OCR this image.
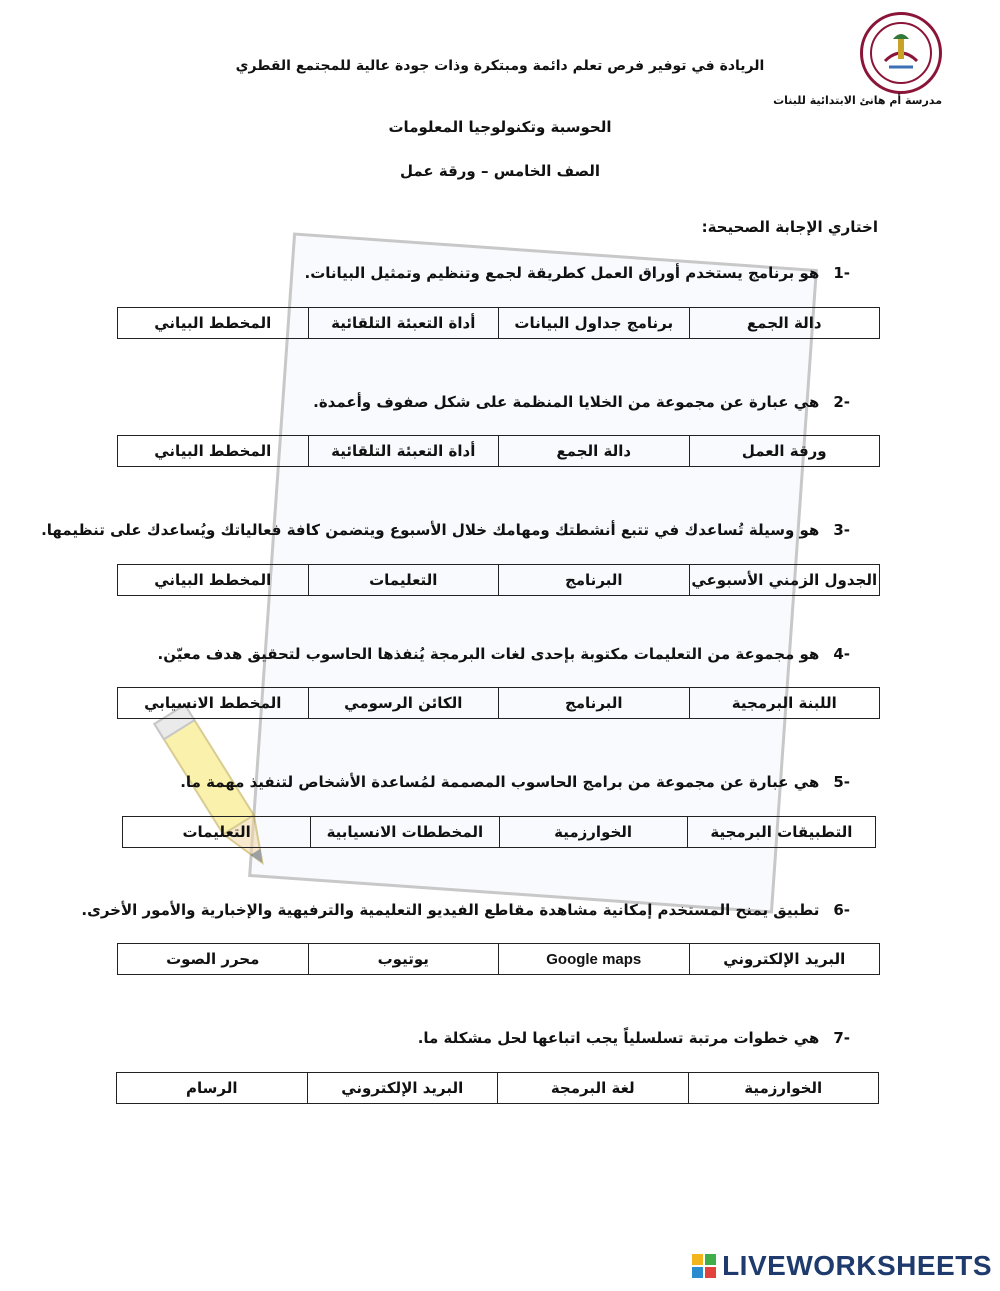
مدرسة أم هانئ الابتدائية للبنات
الريادة في توفير فرص تعلم دائمة ومبتكرة وذات جودة عالية للمجتمع القطري
الحوسبة وتكنولوجيا المعلومات
الصف الخامس – ورقة عمل
اختاري الإجابة الصحيحة:
-1هو برنامج يستخدم أوراق العمل كطريقة لجمع وتنظيم وتمثيل البيانات.
دالة الجمع	برنامج جداول البيانات	أداة التعبئة التلقائية	المخطط البياني
-2هي عبارة عن مجموعة من الخلايا المنظمة على شكل صفوف وأعمدة.
ورقة العمل	دالة الجمع	أداة التعبئة التلقائية	المخطط البياني
-3هو وسيلة تُساعدك في تتبع أنشطتك ومهامك خلال الأسبوع ويتضمن كافة فعالياتك ويُساعدك على تنظيمها.
الجدول الزمني الأسبوعي	البرنامج	التعليمات	المخطط البياني
-4هو مجموعة من التعليمات مكتوبة بإحدى لغات البرمجة يُنفذها الحاسوب لتحقيق هدف معيّن.
اللبنة البرمجية	البرنامج	الكائن الرسومي	المخطط الانسيابي
-5هي عبارة عن مجموعة من برامج الحاسوب المصممة لمُساعدة الأشخاص لتنفيذ مهمة ما.
التطبيقات البرمجية	الخوارزمية	المخططات الانسيابية	التعليمات
-6تطبيق يمنح المستخدم إمكانية مشاهدة مقاطع الفيديو التعليمية والترفيهية والإخبارية والأمور الأخرى.
البريد الإلكتروني	Google maps	يوتيوب	محرر الصوت
-7هي خطوات مرتبة تسلسلياً يجب اتباعها لحل مشكلة ما.
الخوارزمية	لغة البرمجة	البريد الإلكتروني	الرسام
LIVEWORKSHEETS
